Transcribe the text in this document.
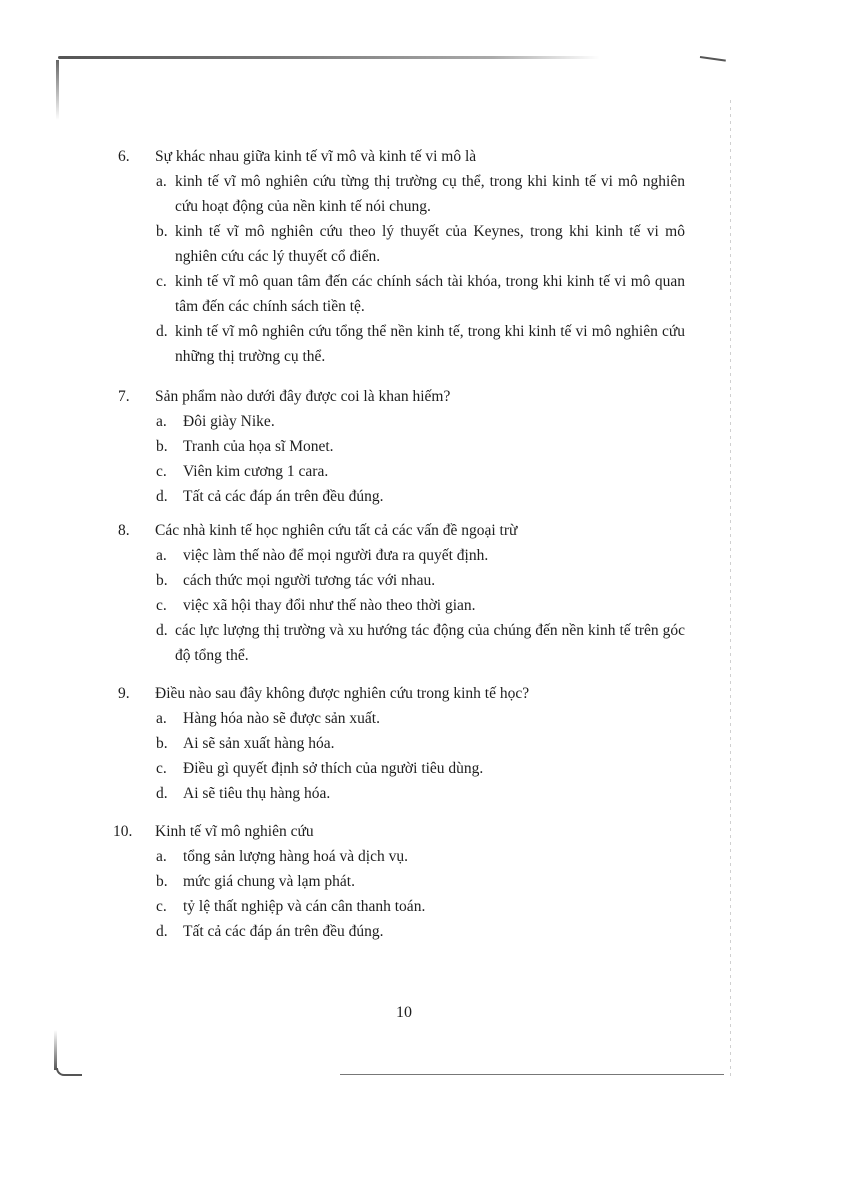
6. Sự khác nhau giữa kinh tế vĩ mô và kinh tế vi mô là
a. kinh tế vĩ mô nghiên cứu từng thị trường cụ thể, trong khi kinh tế vi mô nghiên cứu hoạt động của nền kinh tế nói chung.
b. kinh tế vĩ mô nghiên cứu theo lý thuyết của Keynes, trong khi kinh tế vi mô nghiên cứu các lý thuyết cổ điển.
c. kinh tế vĩ mô quan tâm đến các chính sách tài khóa, trong khi kinh tế vi mô quan tâm đến các chính sách tiền tệ.
d. kinh tế vĩ mô nghiên cứu tổng thể nền kinh tế, trong khi kinh tế vi mô nghiên cứu những thị trường cụ thể.
7. Sản phẩm nào dưới đây được coi là khan hiếm?
a. Đôi giày Nike.
b. Tranh của họa sĩ Monet.
c. Viên kim cương 1 cara.
d. Tất cả các đáp án trên đều đúng.
8. Các nhà kinh tế học nghiên cứu tất cả các vấn đề ngoại trừ
a. việc làm thế nào để mọi người đưa ra quyết định.
b. cách thức mọi người tương tác với nhau.
c. việc xã hội thay đổi như thế nào theo thời gian.
d. các lực lượng thị trường và xu hướng tác động của chúng đến nền kinh tế trên góc độ tổng thể.
9. Điều nào sau đây không được nghiên cứu trong kinh tế học?
a. Hàng hóa nào sẽ được sản xuất.
b. Ai sẽ sản xuất hàng hóa.
c. Điều gì quyết định sở thích của người tiêu dùng.
d. Ai sẽ tiêu thụ hàng hóa.
10. Kinh tế vĩ mô nghiên cứu
a. tổng sản lượng hàng hoá và dịch vụ.
b. mức giá chung và lạm phát.
c. tỷ lệ thất nghiệp và cán cân thanh toán.
d. Tất cả các đáp án trên đều đúng.
10
